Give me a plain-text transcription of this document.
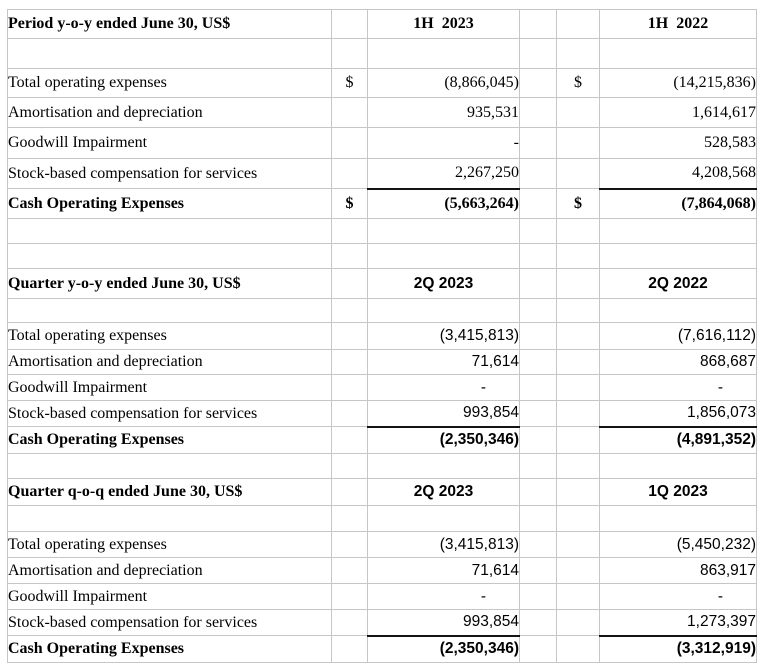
Period y-o-y ended June 30, US$		1H  2023			1H  2022

Total operating expenses	$	(8,866,045)		$	(14,215,836)
Amortisation and depreciation		935,531			1,614,617
Goodwill Impairment		-			528,583
Stock-based compensation for services		2,267,250			4,208,568
Cash Operating Expenses	$	(5,663,264)		$	(7,864,068)

Quarter y-o-y ended June 30, US$		2Q 2023			2Q 2022

Total operating expenses		(3,415,813)			(7,616,112)
Amortisation and depreciation		71,614			868,687
Goodwill Impairment		-			-
Stock-based compensation for services		993,854			1,856,073
Cash Operating Expenses		(2,350,346)			(4,891,352)

Quarter q-o-q ended June 30, US$		2Q 2023			1Q 2023

Total operating expenses		(3,415,813)			(5,450,232)
Amortisation and depreciation		71,614			863,917
Goodwill Impairment		-			-
Stock-based compensation for services		993,854			1,273,397
Cash Operating Expenses		(2,350,346)			(3,312,919)
